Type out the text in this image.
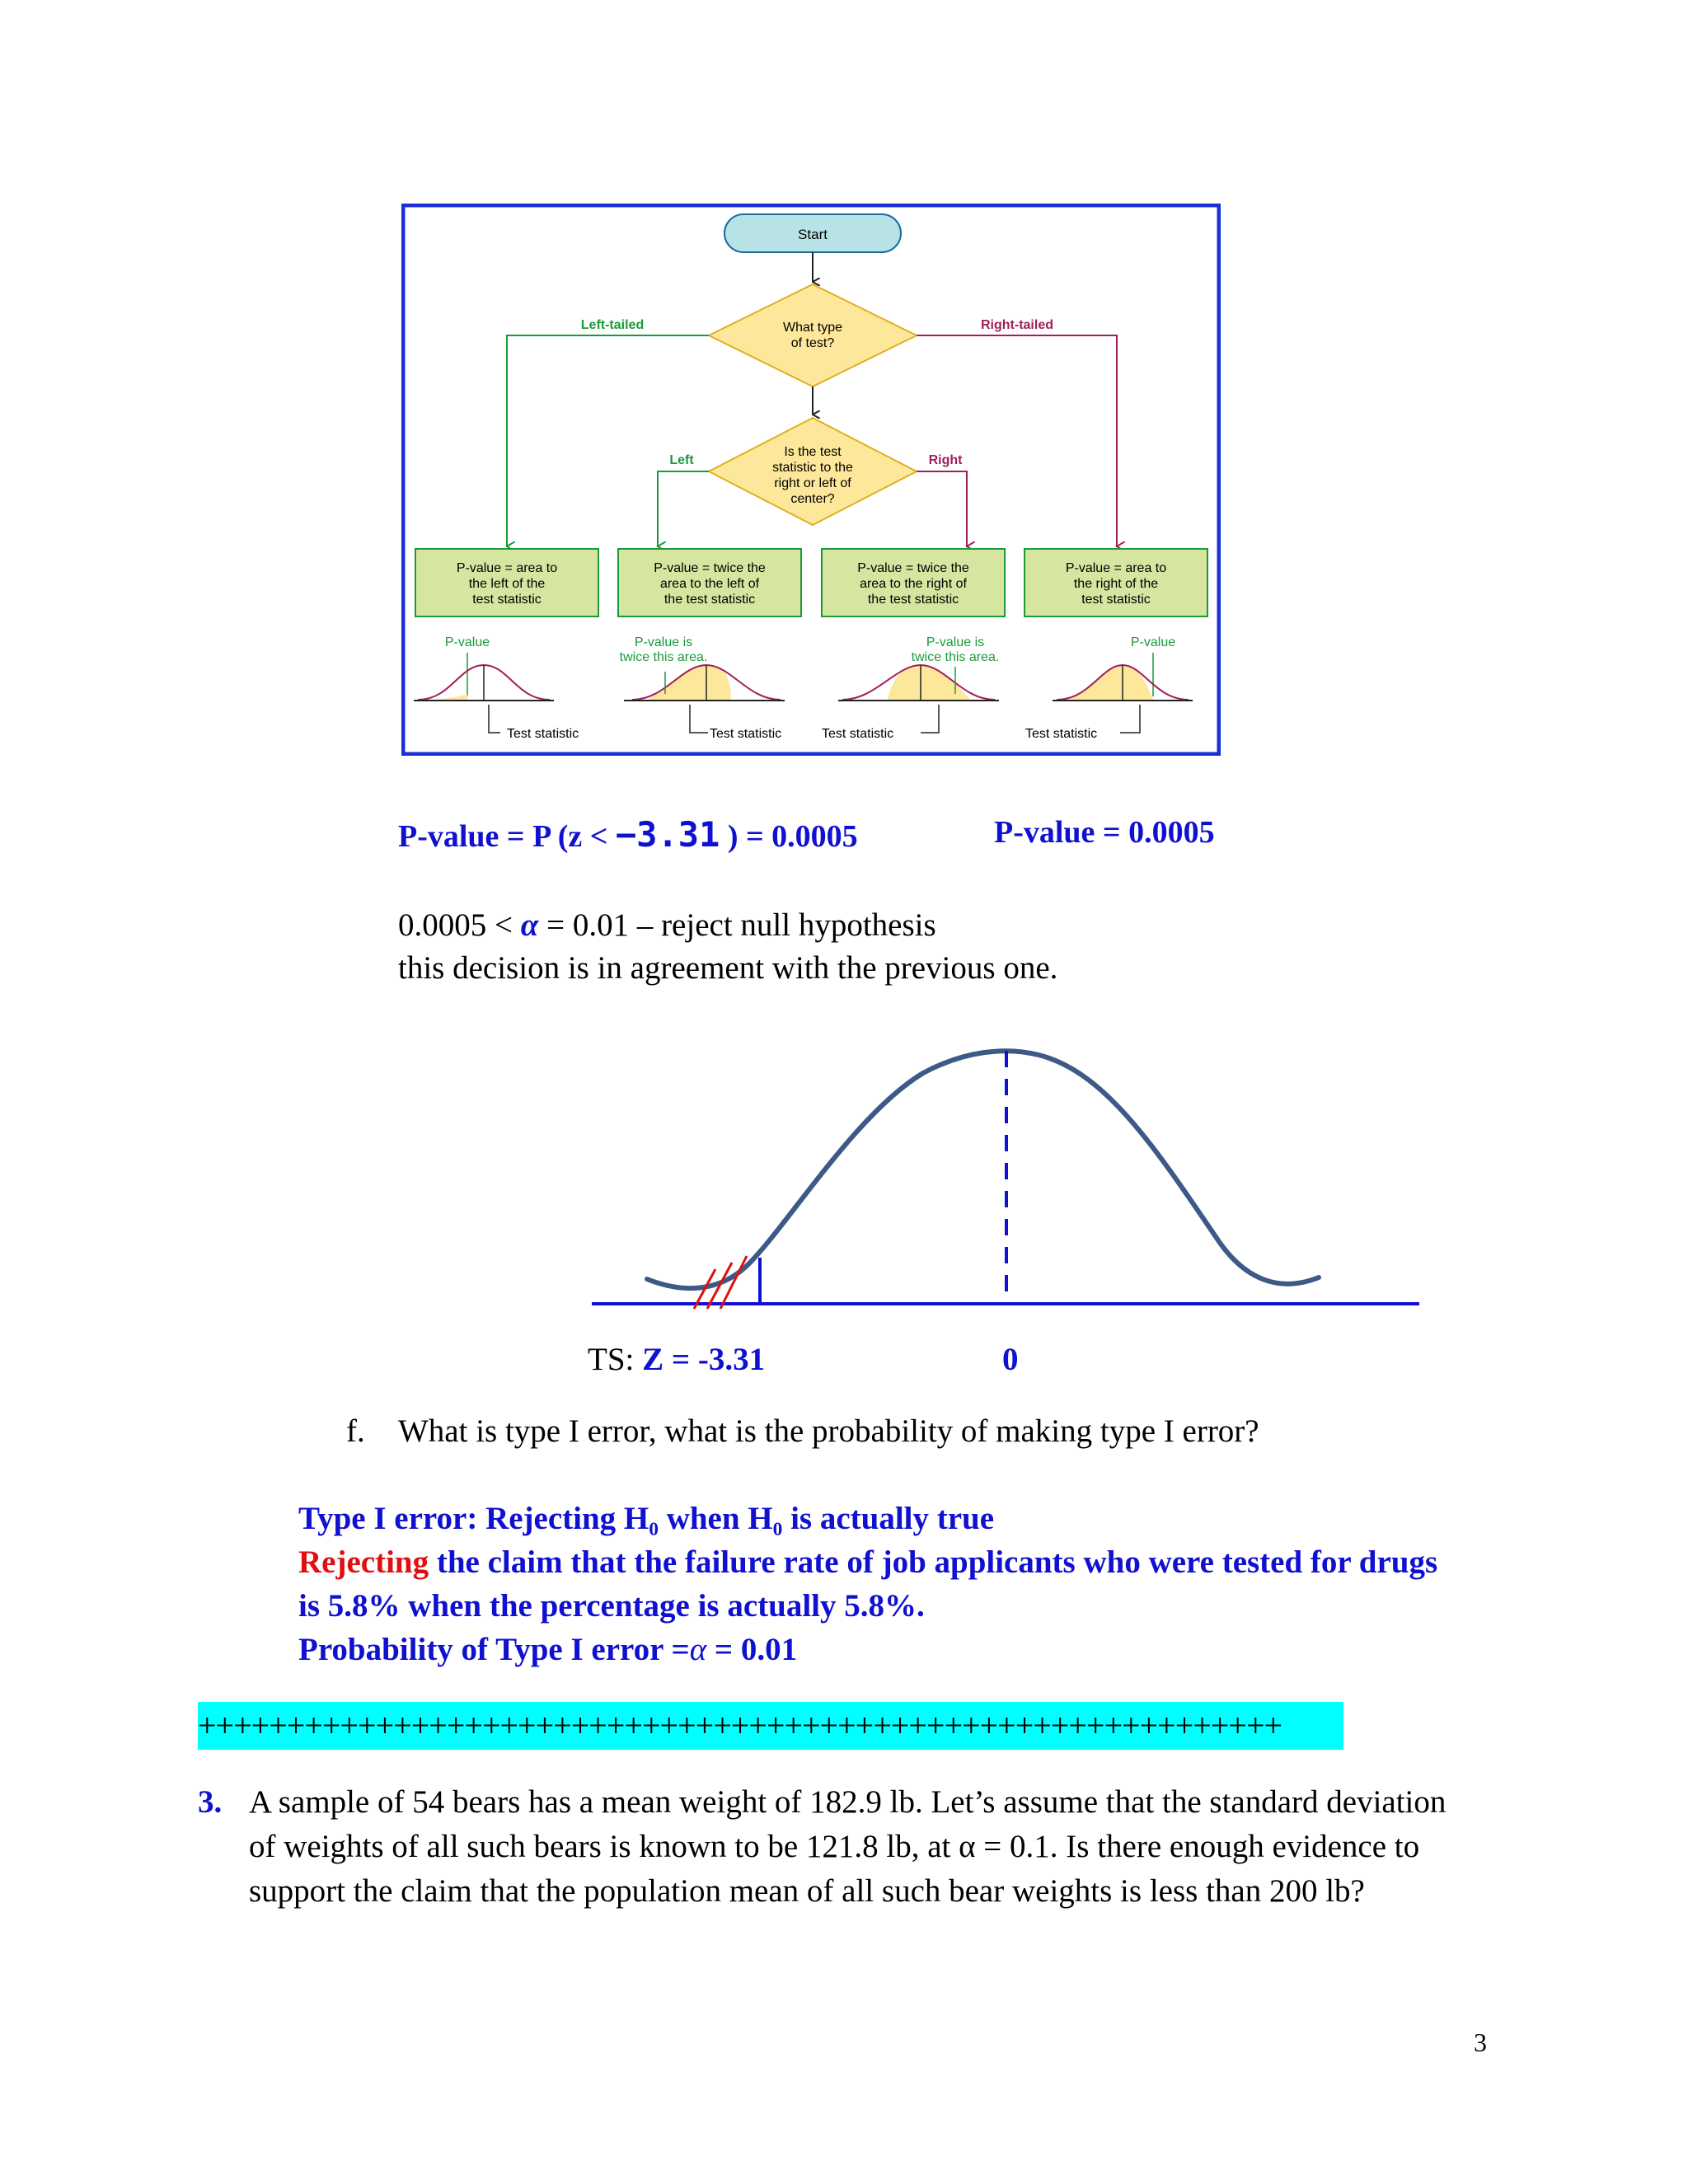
Start
What type
of test?
Left-tailed	Right-tailed
Is the test
statistic to the
right or left of
center?
Left	Right
P-value = area to
the left of the
test statistic
P-value = twice the
area to the left of
the test statistic
P-value = twice the
area to the right of
the test statistic
P-value = area to
the right of the
test statistic
P-value
Test statistic
P-value is
twice this area.
Test statistic
P-value is
twice this area.
Test statistic
P-value
Test statistic
P-value = P (z < −3.31 ) = 0.0005	P-value = 0.0005
0.0005 < α = 0.01 – reject null hypothesis
this decision is in agreement with the previous one.
TS: Z = -3.31	0
f. What is type I error, what is the probability of making type I error?
Type I error: Rejecting H₀ when H₀ is actually true
Rejecting the claim that the failure rate of job applicants who were tested for drugs
is 5.8% when the percentage is actually 5.8%.
Probability of Type I error =α = 0.01
+++++++++++++++++++++++++++++++++++++++++++++++++++++++++++++
3. A sample of 54 bears has a mean weight of 182.9 lb. Let’s assume that the standard deviation
of weights of all such bears is known to be 121.8 lb, at α = 0.1. Is there enough evidence to
support the claim that the population mean of all such bear weights is less than 200 lb?
3
